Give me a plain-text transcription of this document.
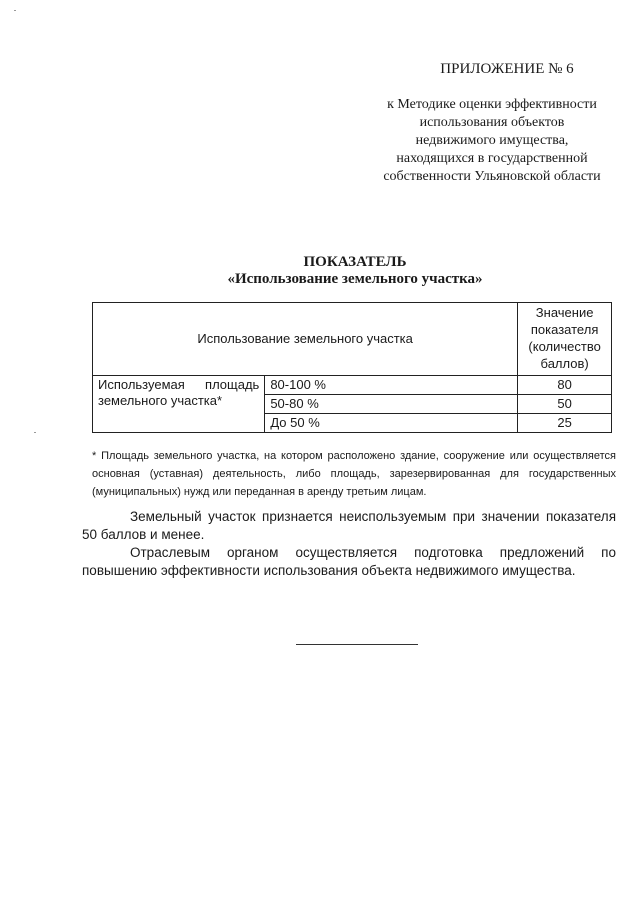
ПРИЛОЖЕНИЕ № 6
к Методике оценки эффективности
использования объектов
недвижимого имущества,
находящихся в государственной
собственности Ульяновской области
ПОКАЗАТЕЛЬ
«Использование земельного участка»
Использование земельного участка		Значение показателя (количество баллов)
Используемая площадь земельного участка*	80-100 %	80
	50-80 %	50
	До 50 %	25
* Площадь земельного участка, на котором расположено здание, сооружение или осуществляется основная (уставная) деятельность, либо площадь, зарезервированная для государственных (муниципальных) нужд или переданная в аренду третьим лицам.

Земельный участок признается неиспользуемым при значении показателя 50 баллов и менее.

Отраслевым органом осуществляется подготовка предложений по повышению эффективности использования объекта недвижимого имущества.
